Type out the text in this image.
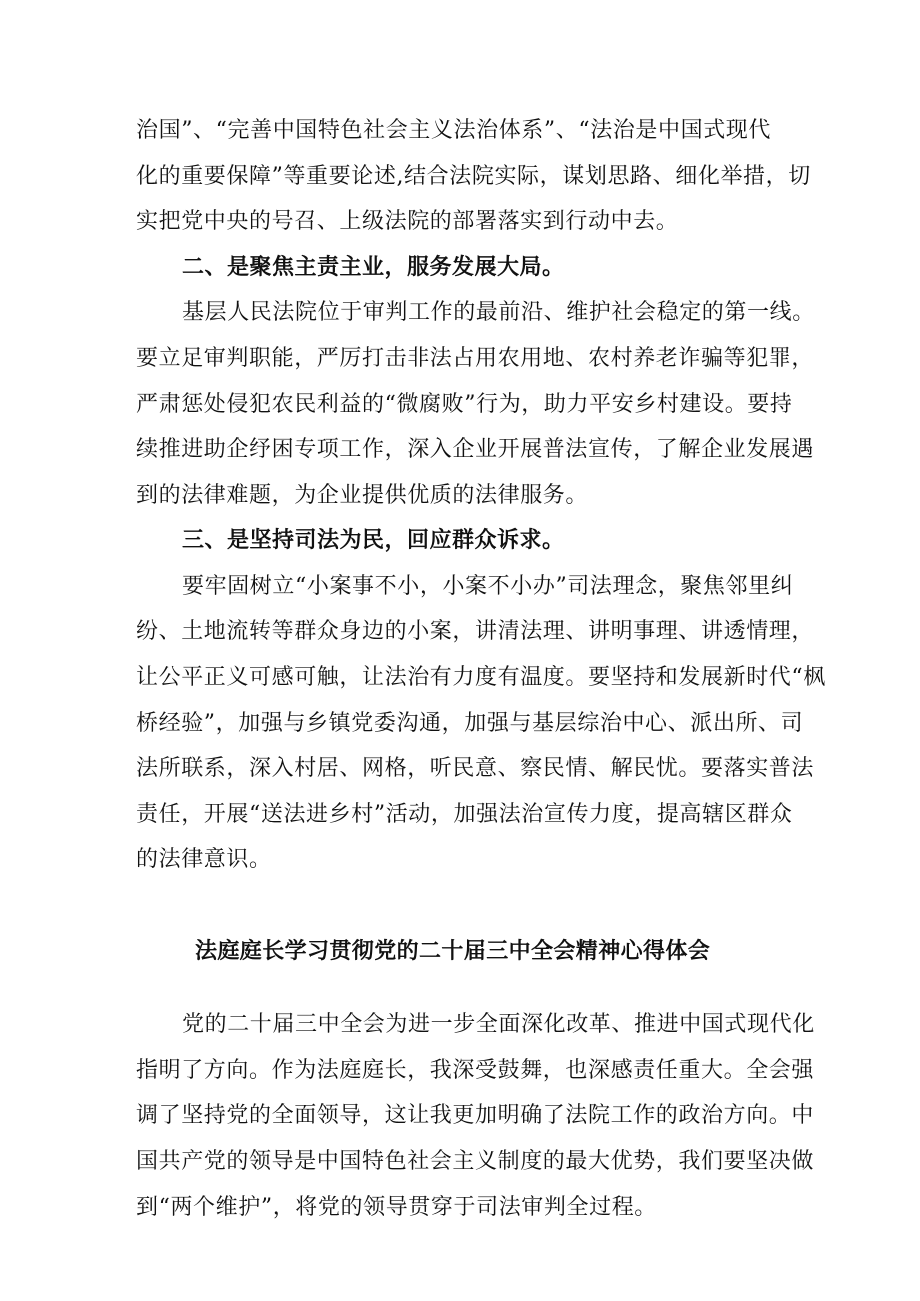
治国”、“完善中国特色社会主义法治体系”、“法治是中国式现代
化的重要保障”等重要论述,结合法院实际，谋划思路、细化举措，切
实把党中央的号召、上级法院的部署落实到行动中去。
二、是聚焦主责主业，服务发展大局。
基层人民法院位于审判工作的最前沿、维护社会稳定的第一线。
要立足审判职能，严厉打击非法占用农用地、农村养老诈骗等犯罪，
严肃惩处侵犯农民利益的“微腐败”行为，助力平安乡村建设。要持
续推进助企纾困专项工作，深入企业开展普法宣传，了解企业发展遇
到的法律难题，为企业提供优质的法律服务。
三、是坚持司法为民，回应群众诉求。
要牢固树立“小案事不小，小案不小办”司法理念，聚焦邻里纠
纷、土地流转等群众身边的小案，讲清法理、讲明事理、讲透情理，
让公平正义可感可触，让法治有力度有温度。要坚持和发展新时代“枫
桥经验”，加强与乡镇党委沟通，加强与基层综治中心、派出所、司
法所联系，深入村居、网格，听民意、察民情、解民忧。要落实普法
责任，开展“送法进乡村”活动，加强法治宣传力度，提高辖区群众
的法律意识。
法庭庭长学习贯彻党的二十届三中全会精神心得体会
党的二十届三中全会为进一步全面深化改革、推进中国式现代化
指明了方向。作为法庭庭长，我深受鼓舞，也深感责任重大。全会强
调了坚持党的全面领导，这让我更加明确了法院工作的政治方向。中
国共产党的领导是中国特色社会主义制度的最大优势，我们要坚决做
到“两个维护”，将党的领导贯穿于司法审判全过程。
